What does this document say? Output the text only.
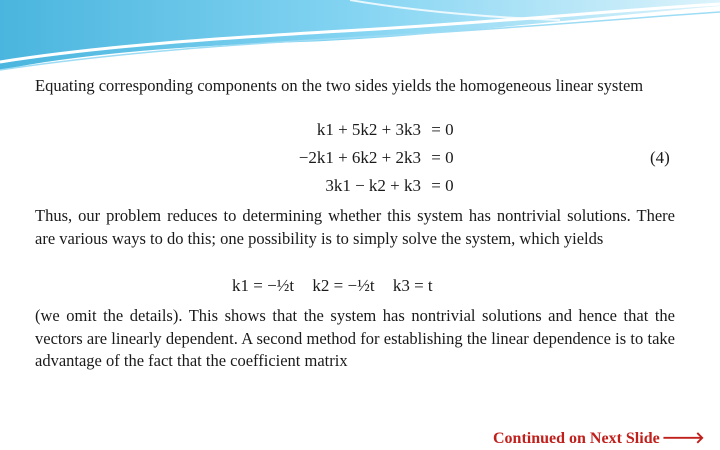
Equating corresponding components on the two sides yields the homogeneous linear system

k1 + 5k2 + 3k3 = 0
−2k1 + 6k2 + 2k3 = 0
3k1 − k2 + k3 = 0
(4)

Thus, our problem reduces to determining whether this system has nontrivial solutions. There are various ways to do this; one possibility is to simply solve the system, which yields

k1 = −½t k2 = −½t k3 = t

(we omit the details). This shows that the system has nontrivial solutions and hence that the vectors are linearly dependent. A second method for establishing the linear dependence is to take advantage of the fact that the coefficient matrix

Continued on Next Slide 🡒
